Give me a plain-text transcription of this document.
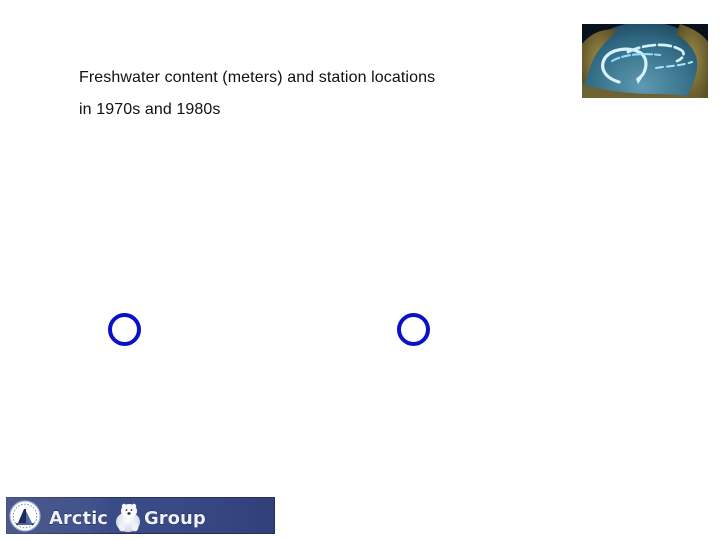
Freshwater content (meters) and station locations
in 1970s and 1980s
Arctic Group
